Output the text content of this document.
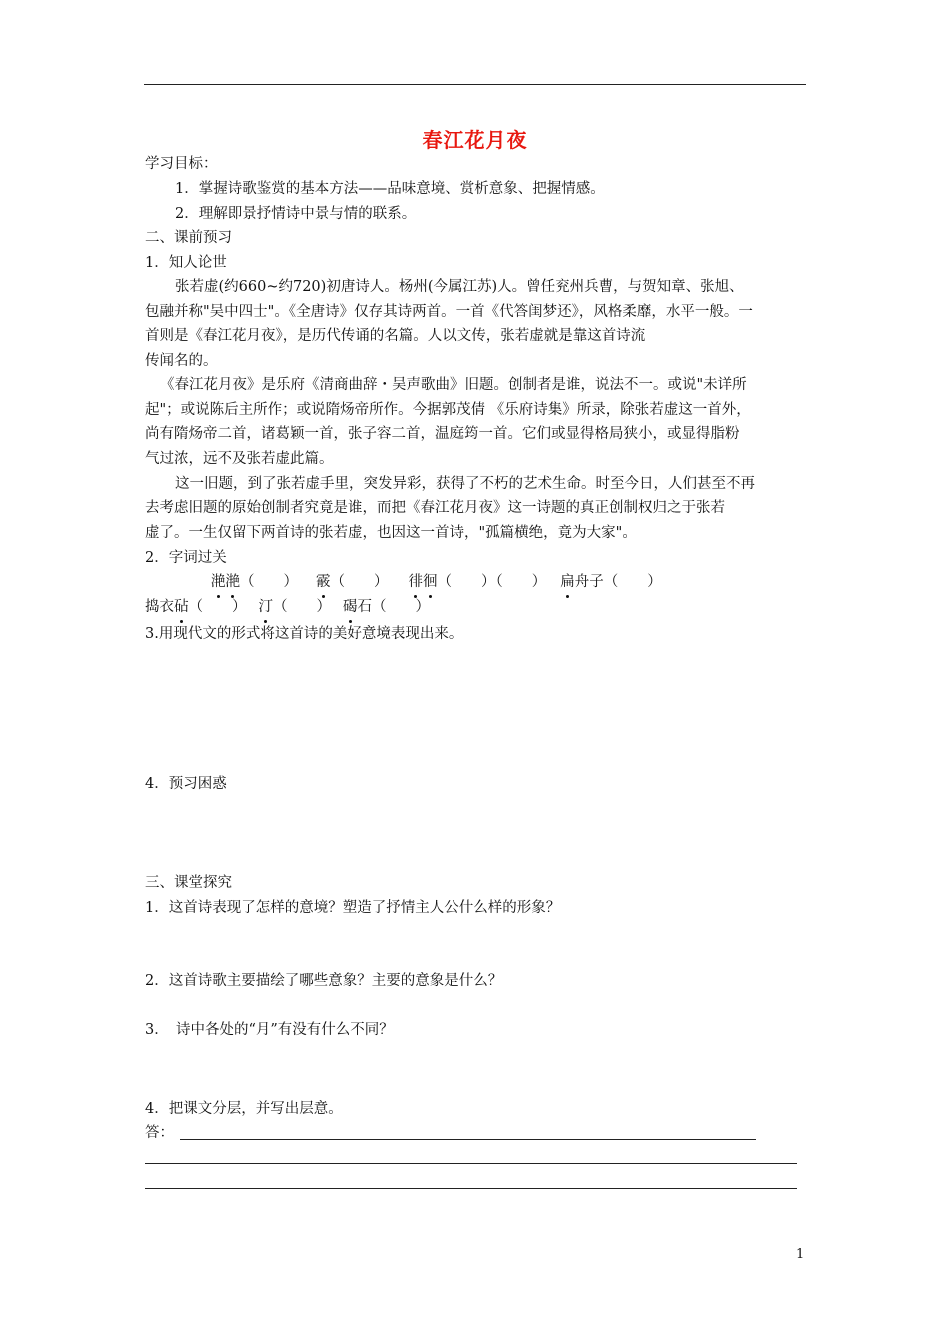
春江花月夜
学习目标：
1．掌握诗歌鉴赏的基本方法——品味意境、赏析意象、把握情感。
2．理解即景抒情诗中景与情的联系。
二、课前预习
1．知人论世
张若虚(约660~约720)初唐诗人。杨州(今属江苏)人。曾任兖州兵曹，与贺知章、张旭、
包融并称"吴中四士"。《全唐诗》仅存其诗两首。一首《代答闺梦还》，风格柔靡，水平一般。一
首则是《春江花月夜》，是历代传诵的名篇。人以文传，张若虚就是靠这首诗流
传闻名的。
《春江花月夜》是乐府《清商曲辞・吴声歌曲》旧题。创制者是谁，说法不一。或说"未详所
起"；或说陈后主所作；或说隋炀帝所作。今据郭茂倩 《乐府诗集》所录，除张若虚这一首外，
尚有隋炀帝二首，诸葛颖一首，张子容二首，温庭筠一首。它们或显得格局狭小，或显得脂粉
气过浓，远不及张若虚此篇。
这一旧题，到了张若虚手里，突发异彩，获得了不朽的艺术生命。时至今日，人们甚至不再
去考虑旧题的原始创制者究竟是谁，而把《春江花月夜》这一诗题的真正创制权归之于张若
虚了。一生仅留下两首诗的张若虚，也因这一首诗，"孤篇横绝，竟为大家"。
2．字词过关
滟滟（　　） 霰（　　） 徘徊（　　）（　　） 扁舟子（　　）
捣衣砧（　　） 汀（　　） 碣石（　　）
3.用现代文的形式将这首诗的美好意境表现出来。
4．预习困惑
三、课堂探究
1．这首诗表现了怎样的意境？塑造了抒情主人公什么样的形象？
2．这首诗歌主要描绘了哪些意象？主要的意象是什么？
3．　诗中各处的“月”有没有什么不同？
4．把课文分层，并写出层意。
答：
1
